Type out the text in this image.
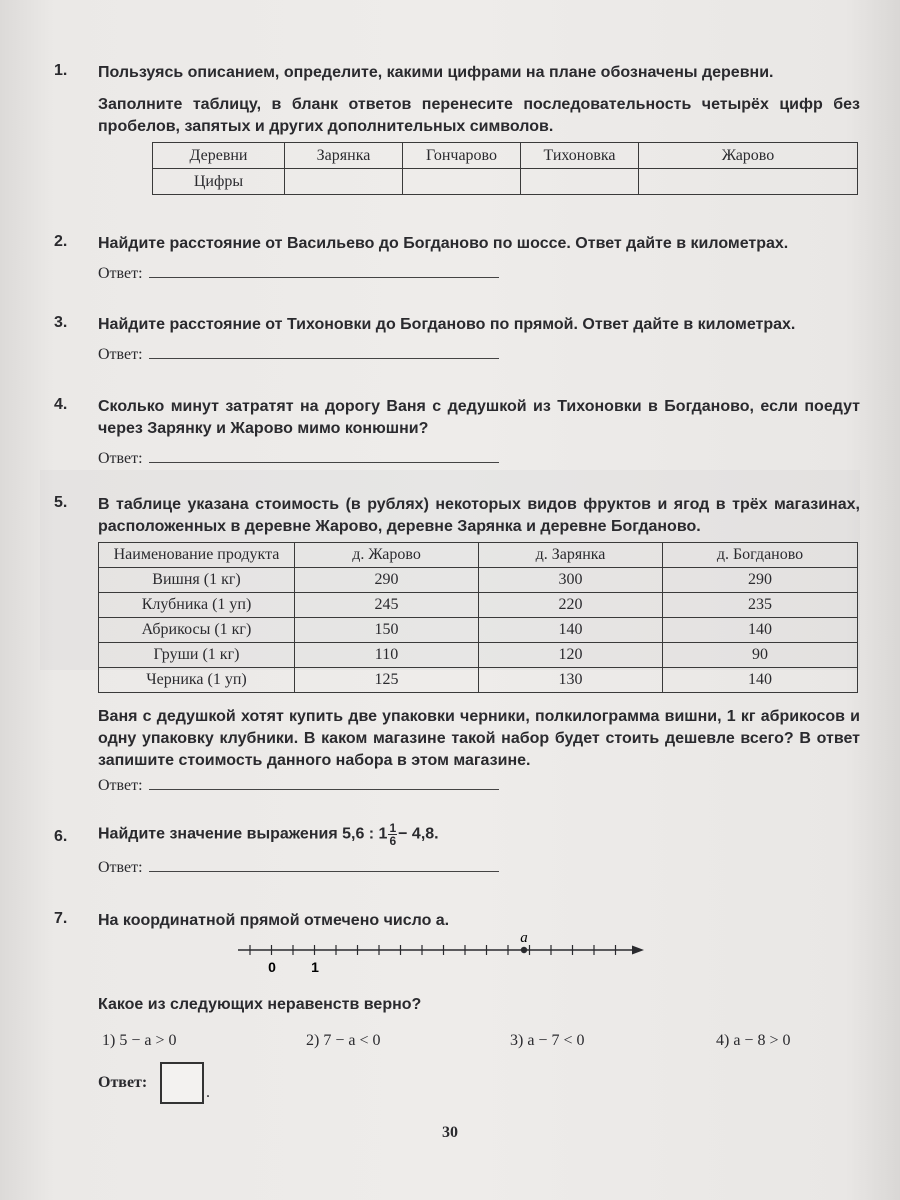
1. Пользуясь описанием, определите, какими цифрами на плане обозначены деревни.
Заполните таблицу, в бланк ответов перенесите последовательность четырёх цифр без пробелов, запятых и других дополнительных символов.
Деревни	Зарянка	Гончарово	Тихоновка	Жарово
Цифры				
2. Найдите расстояние от Васильево до Богданово по шоссе. Ответ дайте в километрах.
Ответ:
3. Найдите расстояние от Тихоновки до Богданово по прямой. Ответ дайте в километрах.
Ответ:
4. Сколько минут затратят на дорогу Ваня с дедушкой из Тихоновки в Богданово, если поедут через Зарянку и Жарово мимо конюшни?
Ответ:
5. В таблице указана стоимость (в рублях) некоторых видов фруктов и ягод в трёх магазинах, расположенных в деревне Жарово, деревне Зарянка и деревне Богданово.
Наименование продукта	д. Жарово	д. Зарянка	д. Богданово
Вишня (1 кг)	290	300	290
Клубника (1 уп)	245	220	235
Абрикосы (1 кг)	150	140	140
Груши (1 кг)	110	120	90
Черника (1 уп)	125	130	140
Ваня с дедушкой хотят купить две упаковки черники, полкилограмма вишни, 1 кг абрикосов и одну упаковку клубники. В каком магазине такой набор будет стоить дешевле всего? В ответ запишите стоимость данного набора в этом магазине.
Ответ:
6. Найдите значение выражения 5,6 : $1 \frac{1}{6} - 4,8$.
Ответ:
7. На координатной прямой отмечено число a.
a
0	1
Какое из следующих неравенств верно?
1) 5 − a > 0	2) 7 − a < 0	3) a − 7 < 0	4) a − 8 > 0
Ответ:
.
30
